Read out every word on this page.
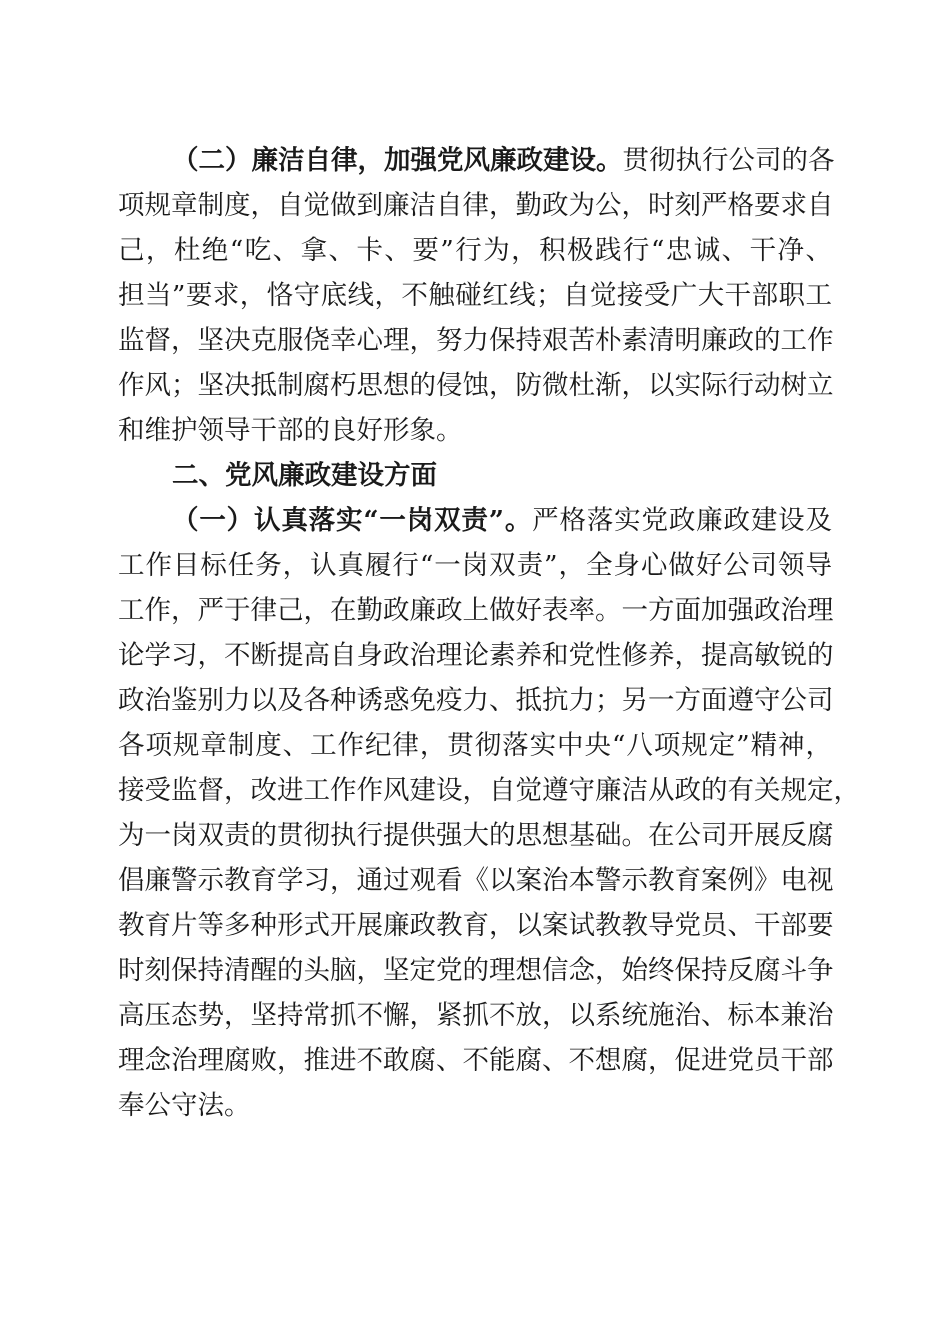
（二）廉洁自律，加强党风廉政建设。贯彻执行公司的各
项规章制度，自觉做到廉洁自律，勤政为公，时刻严格要求自
己，杜绝“吃、拿、卡、要”行为，积极践行“忠诚、干净、
担当”要求，恪守底线，不触碰红线；自觉接受广大干部职工
监督，坚决克服侥幸心理，努力保持艰苦朴素清明廉政的工作
作风；坚决抵制腐朽思想的侵蚀，防微杜渐，以实际行动树立
和维护领导干部的良好形象。
二、党风廉政建设方面
（一）认真落实“一岗双责”。严格落实党政廉政建设及
工作目标任务，认真履行“一岗双责”，全身心做好公司领导
工作，严于律己，在勤政廉政上做好表率。一方面加强政治理
论学习，不断提高自身政治理论素养和党性修养，提高敏锐的
政治鉴别力以及各种诱惑免疫力、抵抗力；另一方面遵守公司
各项规章制度、工作纪律，贯彻落实中央“八项规定”精神，
接受监督，改进工作作风建设，自觉遵守廉洁从政的有关规定，
为一岗双责的贯彻执行提供强大的思想基础。在公司开展反腐
倡廉警示教育学习，通过观看《以案治本警示教育案例》电视
教育片等多种形式开展廉政教育，以案试教教导党员、干部要
时刻保持清醒的头脑，坚定党的理想信念，始终保持反腐斗争
高压态势，坚持常抓不懈，紧抓不放，以系统施治、标本兼治
理念治理腐败，推进不敢腐、不能腐、不想腐，促进党员干部
奉公守法。
